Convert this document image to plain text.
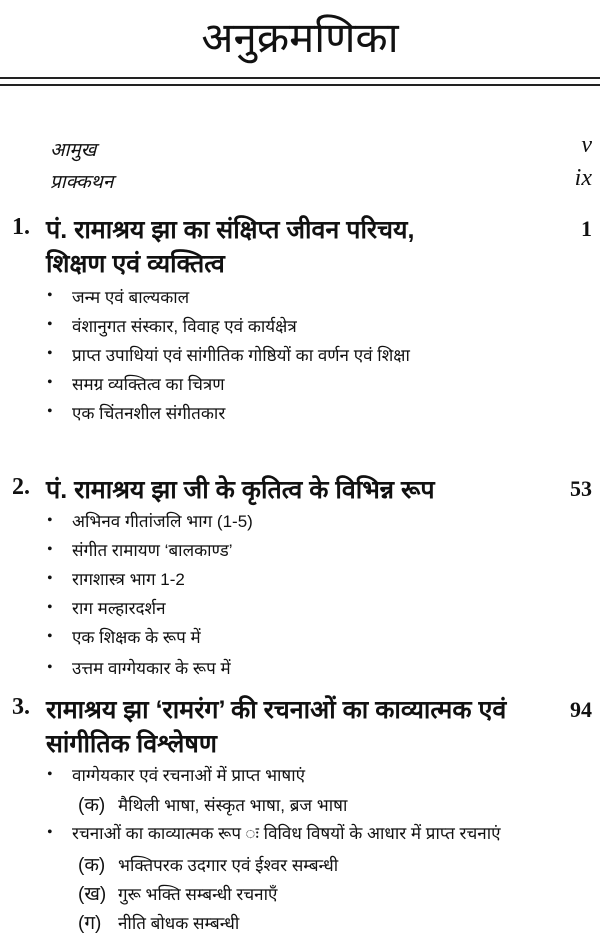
अनुक्रमणिका
आमुख	v
प्राक्कथन	ix
1. पं. रामाश्रय झा का संक्षिप्त जीवन परिचय,
शिक्षण एवं व्यक्तित्व
1
• जन्म एवं बाल्यकाल
• वंशानुगत संस्कार, विवाह एवं कार्यक्षेत्र
• प्राप्त उपाधियां एवं सांगीतिक गोष्ठियों का वर्णन एवं शिक्षा
• समग्र व्यक्तित्व का चित्रण
• एक चिंतनशील संगीतकार
2. पं. रामाश्रय झा जी के कृतित्व के विभिन्न रूप	53
• अभिनव गीतांजलि भाग (1-5)
• संगीत रामायण ‘बालकाण्ड’
• रागशास्त्र भाग 1-2
• राग मल्हारदर्शन
• एक शिक्षक के रूप में
• उत्तम वाग्गेयकार के रूप में
3. रामाश्रय झा ‘रामरंग’ की रचनाओं का काव्यात्मक एवं
सांगीतिक विश्लेषण
94
• वाग्गेयकार एवं रचनाओं में प्राप्त भाषाएं
(क) मैथिली भाषा, संस्कृत भाषा, ब्रज भाषा
• रचनाओं का काव्यात्मक रूप ः विविध विषयों के आधार में प्राप्त रचनाएं
(क) भक्तिपरक उदगार एवं ईश्वर सम्बन्धी
(ख) गुरू भक्ति सम्बन्धी रचनाएँ
(ग) नीति बोधक सम्बन्धी
